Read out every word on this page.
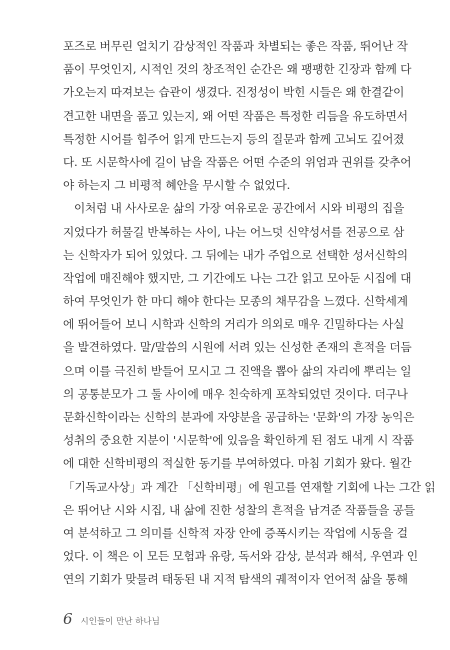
포즈로 버무린 얼치기 감상적인 작품과 차별되는 좋은 작품, 뛰어난 작
품이 무엇인지, 시적인 것의 창조적인 순간은 왜 팽팽한 긴장과 함께 다
가오는지 따져보는 습관이 생겼다. 진정성이 박힌 시들은 왜 한결같이
견고한 내면을 품고 있는지, 왜 어떤 작품은 특정한 리듬을 유도하면서
특정한 시어를 힘주어 읽게 만드는지 등의 질문과 함께 고뇌도 깊어졌
다. 또 시문학사에 길이 남을 작품은 어떤 수준의 위엄과 권위를 갖추어
야 하는지 그 비평적 혜안을 무시할 수 없었다.
이처럼 내 사사로운 삶의 가장 여유로운 공간에서 시와 비평의 집을
지었다가 허물길 반복하는 사이, 나는 어느덧 신약성서를 전공으로 삼
는 신학자가 되어 있었다. 그 뒤에는 내가 주업으로 선택한 성서신학의
작업에 매진해야 했지만, 그 기간에도 나는 그간 읽고 모아둔 시집에 대
하여 무엇인가 한 마디 해야 한다는 모종의 채무감을 느꼈다. 신학세계
에 뛰어들어 보니 시학과 신학의 거리가 의외로 매우 긴밀하다는 사실
을 발견하였다. 말/말씀의 시원에 서려 있는 신성한 존재의 흔적을 더듬
으며 이를 극진히 받들어 모시고 그 진액을 뽑아 삶의 자리에 뿌리는 일
의 공통분모가 그 둘 사이에 매우 친숙하게 포착되었던 것이다. 더구나
문화신학이라는 신학의 분과에 자양분을 공급하는 '문화'의 가장 농익은
성취의 중요한 지분이 '시문학'에 있음을 확인하게 된 점도 내게 시 작품
에 대한 신학비평의 적실한 동기를 부여하였다. 마침 기회가 왔다. 월간
「기독교사상」과 계간 「신학비평」에 원고를 연재할 기회에 나는 그간 읽
은 뛰어난 시와 시집, 내 삶에 진한 성찰의 흔적을 남겨준 작품들을 공들
여 분석하고 그 의미를 신학적 자장 안에 증폭시키는 작업에 시동을 걸
었다. 이 책은 이 모든 모험과 유랑, 독서와 감상, 분석과 해석, 우연과 인
연의 기회가 맞물려 태동된 내 지적 탐색의 궤적이자 언어적 삶을 통해
6 시인들이 만난 하나님
